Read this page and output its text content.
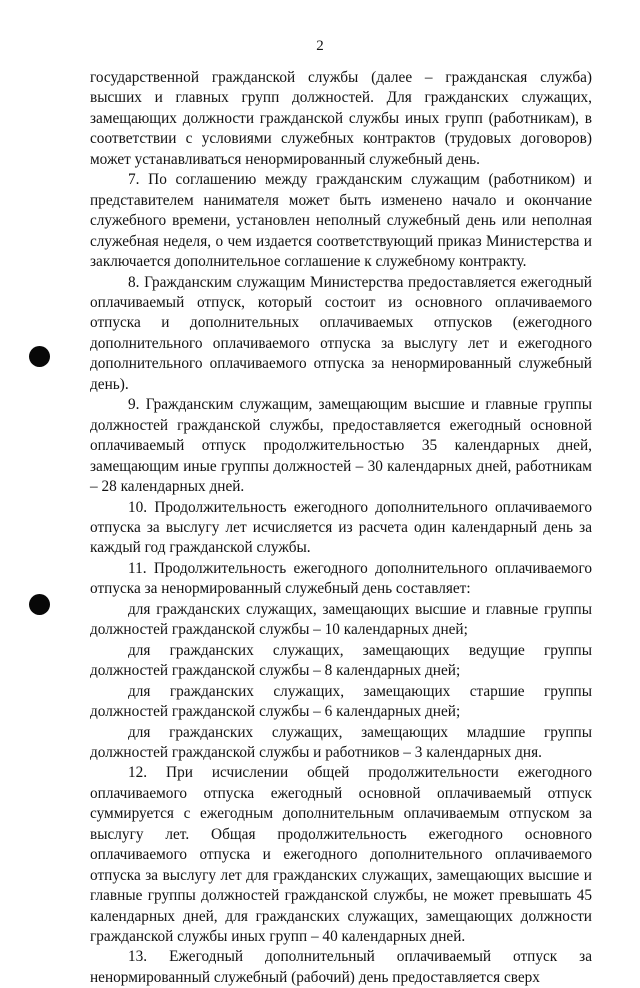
2

государственной гражданской службы (далее – гражданская служба) высших и главных групп должностей. Для гражданских служащих, замещающих должности гражданской службы иных групп (работникам), в соответствии с условиями служебных контрактов (трудовых договоров) может устанавливаться ненормированный служебный день.

7. По соглашению между гражданским служащим (работником) и представителем нанимателя может быть изменено начало и окончание служебного времени, установлен неполный служебный день или неполная служебная неделя, о чем издается соответствующий приказ Министерства и заключается дополнительное соглашение к служебному контракту.

8. Гражданским служащим Министерства предоставляется ежегодный оплачиваемый отпуск, который состоит из основного оплачиваемого отпуска и дополнительных оплачиваемых отпусков (ежегодного дополнительного оплачиваемого отпуска за выслугу лет и ежегодного дополнительного оплачиваемого отпуска за ненормированный служебный день).

9. Гражданским служащим, замещающим высшие и главные группы должностей гражданской службы, предоставляется ежегодный основной оплачиваемый отпуск продолжительностью 35 календарных дней, замещающим иные группы должностей – 30 календарных дней, работникам – 28 календарных дней.

10. Продолжительность ежегодного дополнительного оплачиваемого отпуска за выслугу лет исчисляется из расчета один календарный день за каждый год гражданской службы.

11. Продолжительность ежегодного дополнительного оплачиваемого отпуска за ненормированный служебный день составляет:

для гражданских служащих, замещающих высшие и главные группы должностей гражданской службы – 10 календарных дней;

для гражданских служащих, замещающих ведущие группы должностей гражданской службы – 8 календарных дней;

для гражданских служащих, замещающих старшие группы должностей гражданской службы – 6 календарных дней;

для гражданских служащих, замещающих младшие группы должностей гражданской службы и работников – 3 календарных дня.

12. При исчислении общей продолжительности ежегодного оплачиваемого отпуска ежегодный основной оплачиваемый отпуск суммируется с ежегодным дополнительным оплачиваемым отпуском за выслугу лет. Общая продолжительность ежегодного основного оплачиваемого отпуска и ежегодного дополнительного оплачиваемого отпуска за выслугу лет для гражданских служащих, замещающих высшие и главные группы должностей гражданской службы, не может превышать 45 календарных дней, для гражданских служащих, замещающих должности гражданской службы иных групп – 40 календарных дней.

13. Ежегодный дополнительный оплачиваемый отпуск за ненормированный служебный (рабочий) день предоставляется сверх
